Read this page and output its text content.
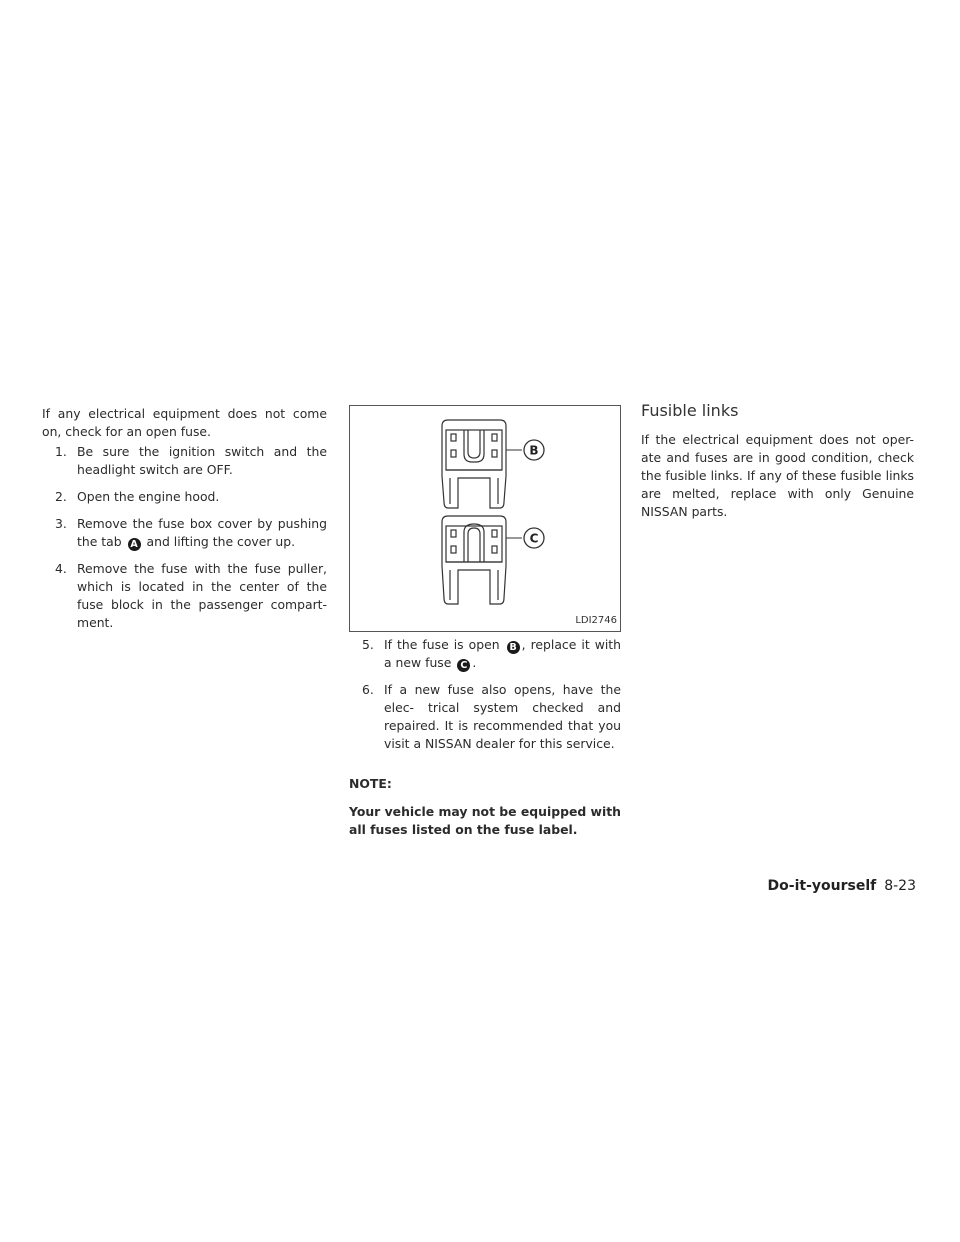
If any electrical equipment does not come on, check for an open fuse.

1. Be sure the ignition switch and the headlight switch are OFF.
2. Open the engine hood.
3. Remove the fuse box cover by pushing the tab A and lifting the cover up.
4. Remove the fuse with the fuse puller, which is located in the center of the fuse block in the passenger compart- ment.
B
C
LDI2746
5. If the fuse is open B , replace it with a new fuse C .
6. If a new fuse also opens, have the elec- trical system checked and repaired. It is recommended that you visit a NISSAN dealer for this service.

NOTE:

Your vehicle may not be equipped with all fuses listed on the fuse label.

Fusible links

If the electrical equipment does not oper- ate and fuses are in good condition, check the fusible links. If any of these fusible links are melted, replace with only Genuine NISSAN parts.

Do-it-yourself 8-23
